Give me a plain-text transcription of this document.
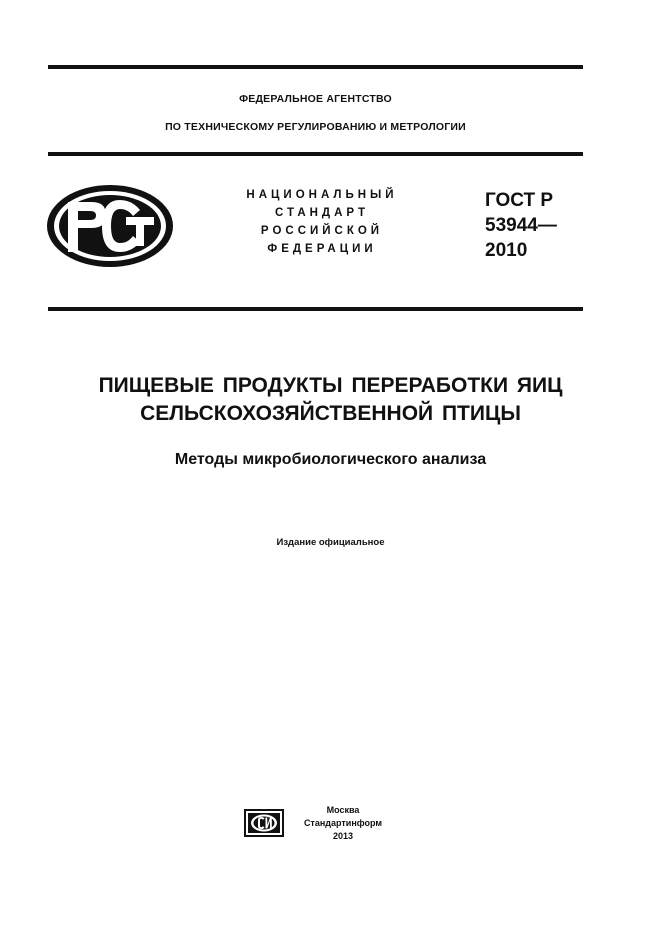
ФЕДЕРАЛЬНОЕ АГЕНТСТВО
ПО ТЕХНИЧЕСКОМУ РЕГУЛИРОВАНИЮ И МЕТРОЛОГИИ
НАЦИОНАЛЬНЫЙ
СТАНДАРТ
РОССИЙСКОЙ
ФЕДЕРАЦИИ
ГОСТ Р
53944—
2010
ПИЩЕВЫЕ ПРОДУКТЫ ПЕРЕРАБОТКИ ЯИЦ
СЕЛЬСКОХОЗЯЙСТВЕННОЙ ПТИЦЫ
Методы микробиологического анализа
Издание официальное
Москва
Стандартинформ
2013
